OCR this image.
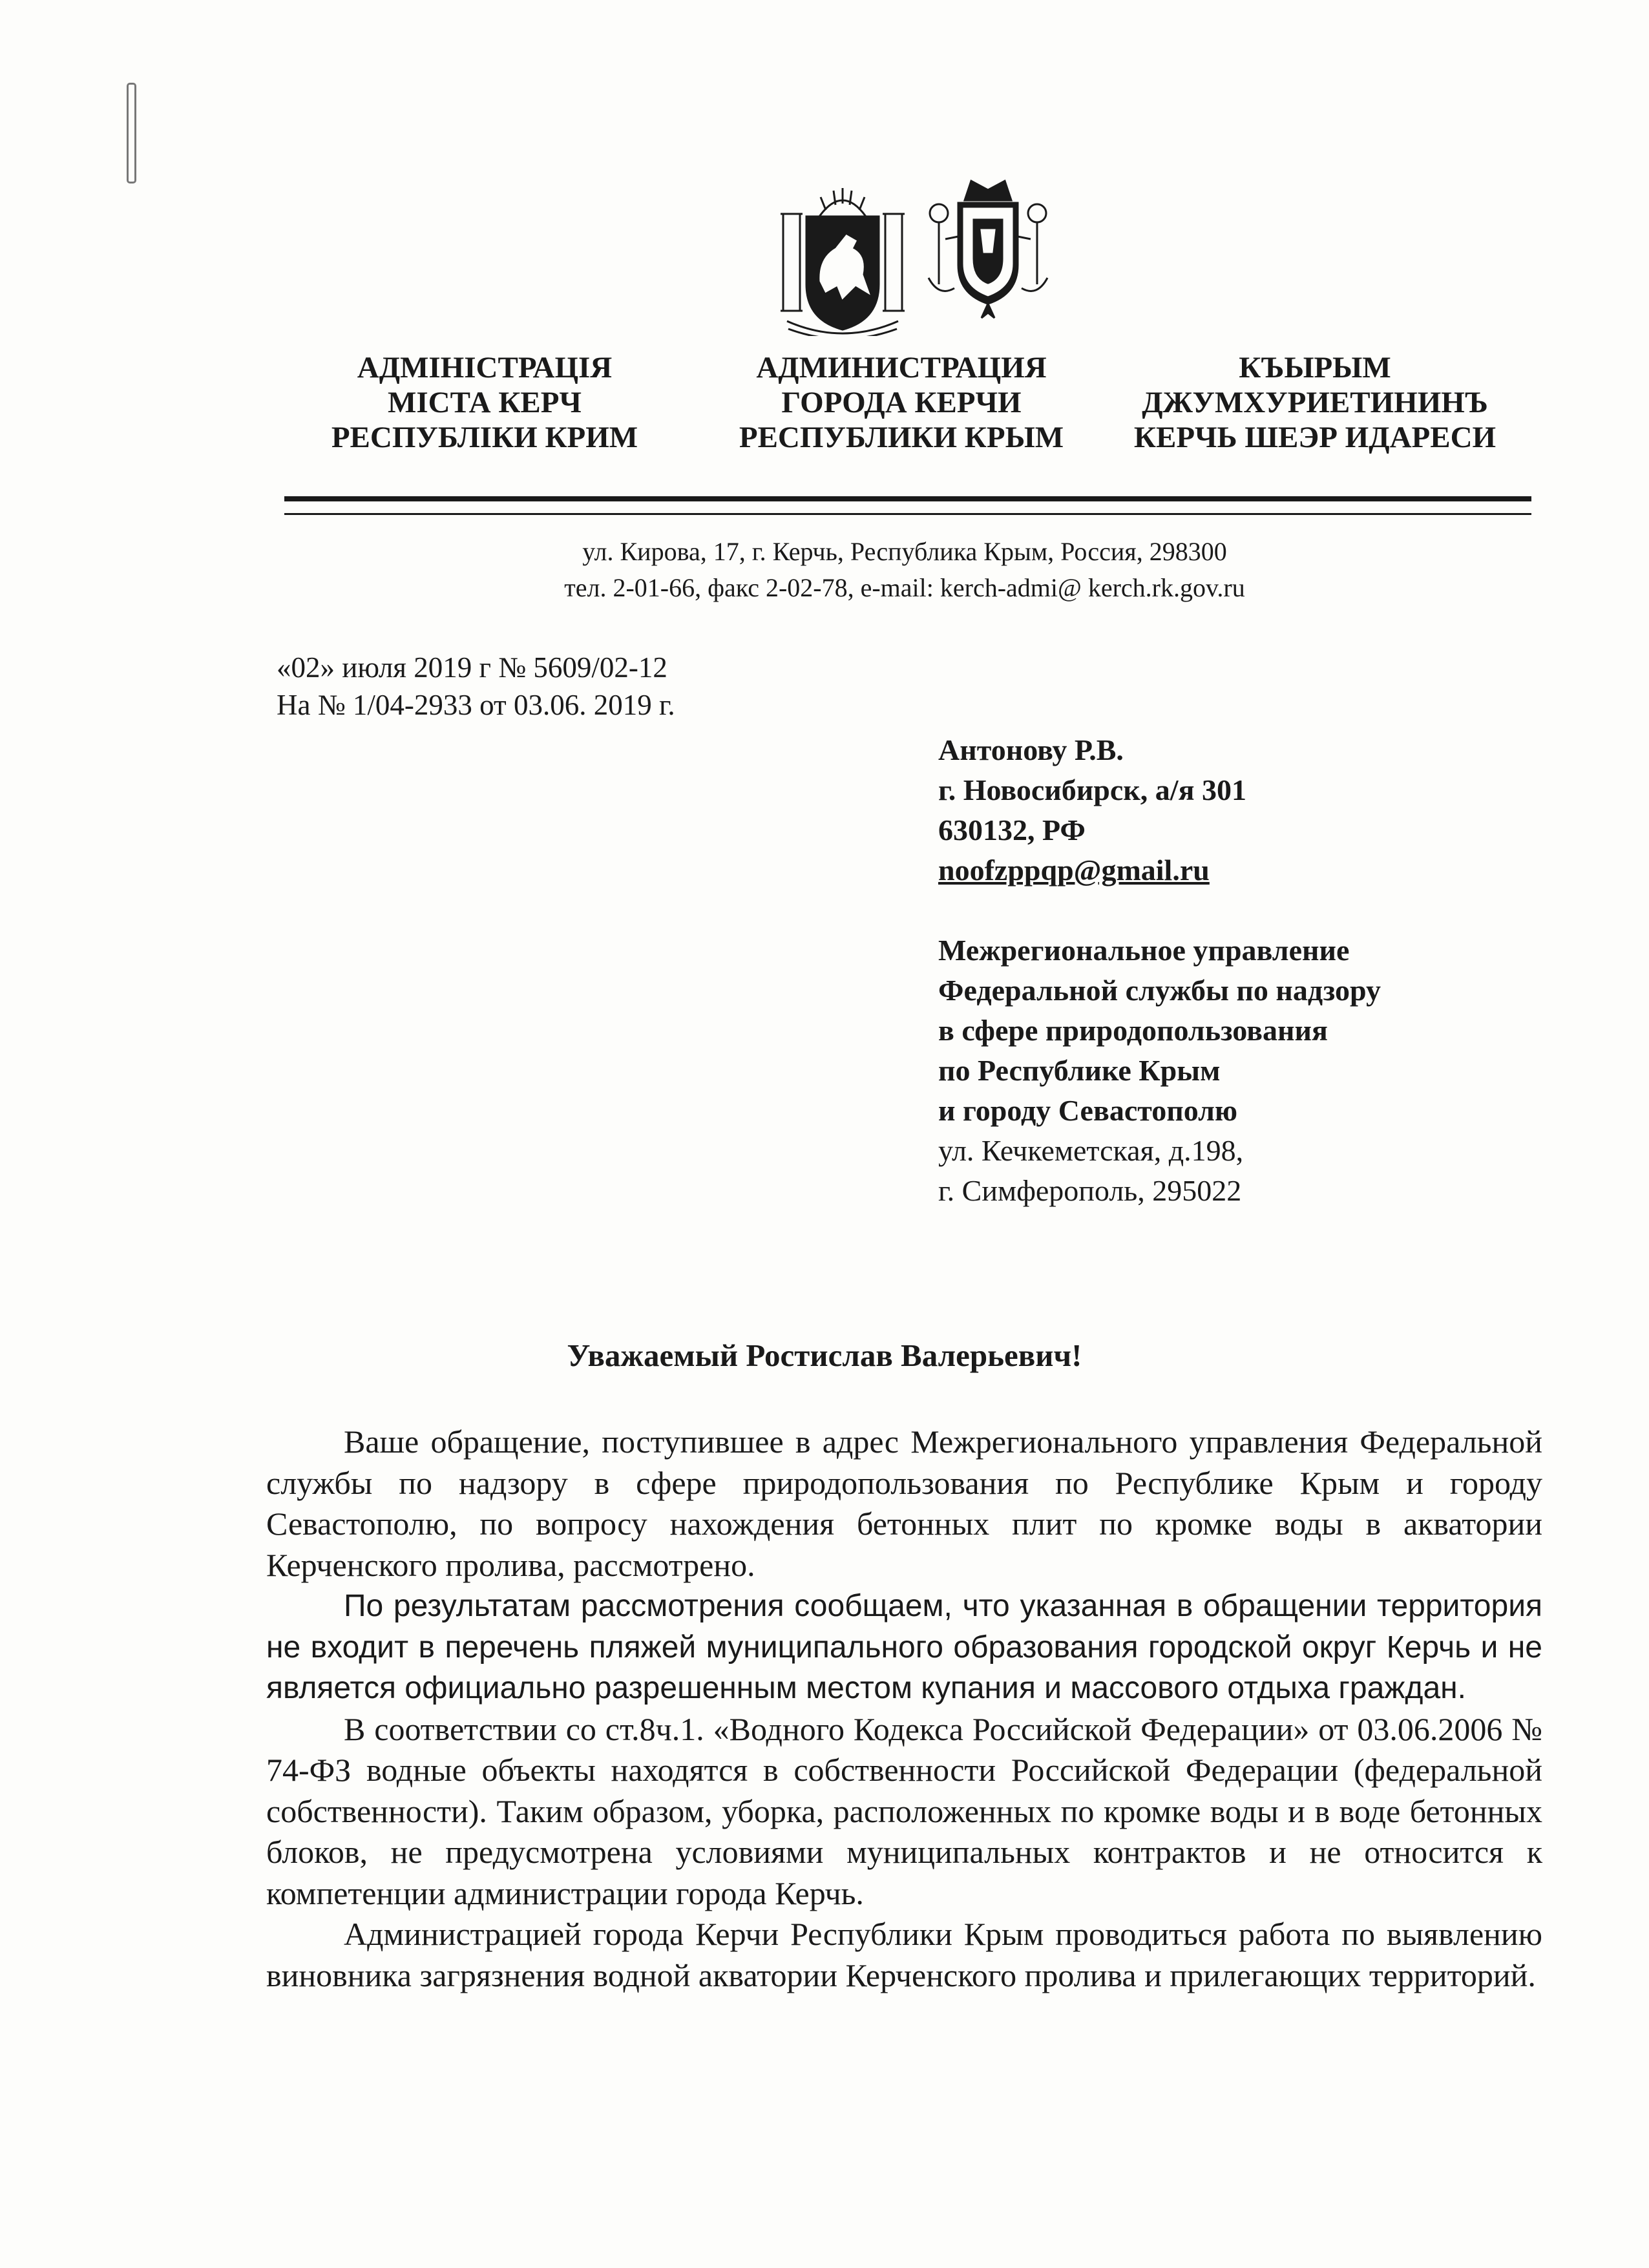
АДМІНІСТРАЦІЯ
МІСТА КЕРЧ
РЕСПУБЛІКИ КРИМ
АДМИНИСТРАЦИЯ
ГОРОДА КЕРЧИ
РЕСПУБЛИКИ КРЫМ
КЪЫРЫМ
ДЖУМХУРИЕТИНИНЪ
КЕРЧЬ ШЕЭР ИДАРЕСИ
ул. Кирова, 17, г. Керчь, Республика Крым, Россия, 298300
тел. 2-01-66, факс 2-02-78, e-mail: kerch-admi@ kerch.rk.gov.ru
«02» июля 2019 г № 5609/02-12
На № 1/04-2933 от 03.06. 2019 г.
Антонову Р.В.
г. Новосибирск, а/я 301
630132, РФ
noofzppqp@gmail.ru
Межрегиональное управление
Федеральной службы по надзору
в сфере природопользования
по Республике Крым
и городу Севастополю
ул. Кечкеметская, д.198,
г. Симферополь, 295022
Уважаемый Ростислав Валерьевич!

Ваше обращение, поступившее в адрес Межрегионального управления Федеральной службы по надзору в сфере природопользования по Республике Крым и городу Севастополю, по вопросу нахождения бетонных плит по кромке воды в акватории Керченского пролива, рассмотрено.

По результатам рассмотрения сообщаем, что указанная в обращении территория не входит в перечень пляжей муниципального образования городской округ Керчь и не является официально разрешенным местом купания и массового отдыха граждан.

В соответствии со ст.8ч.1. «Водного Кодекса Российской Федерации» от 03.06.2006 № 74-ФЗ водные объекты находятся в собственности Российской Федерации (федеральной собственности). Таким образом, уборка, расположенных по кромке воды и в воде бетонных блоков, не предусмотрена условиями муниципальных контрактов и не относится к компетенции администрации города Керчь.

Администрацией города Керчи Республики Крым проводиться работа по выявлению виновника загрязнения водной акватории Керченского пролива и прилегающих территорий.
